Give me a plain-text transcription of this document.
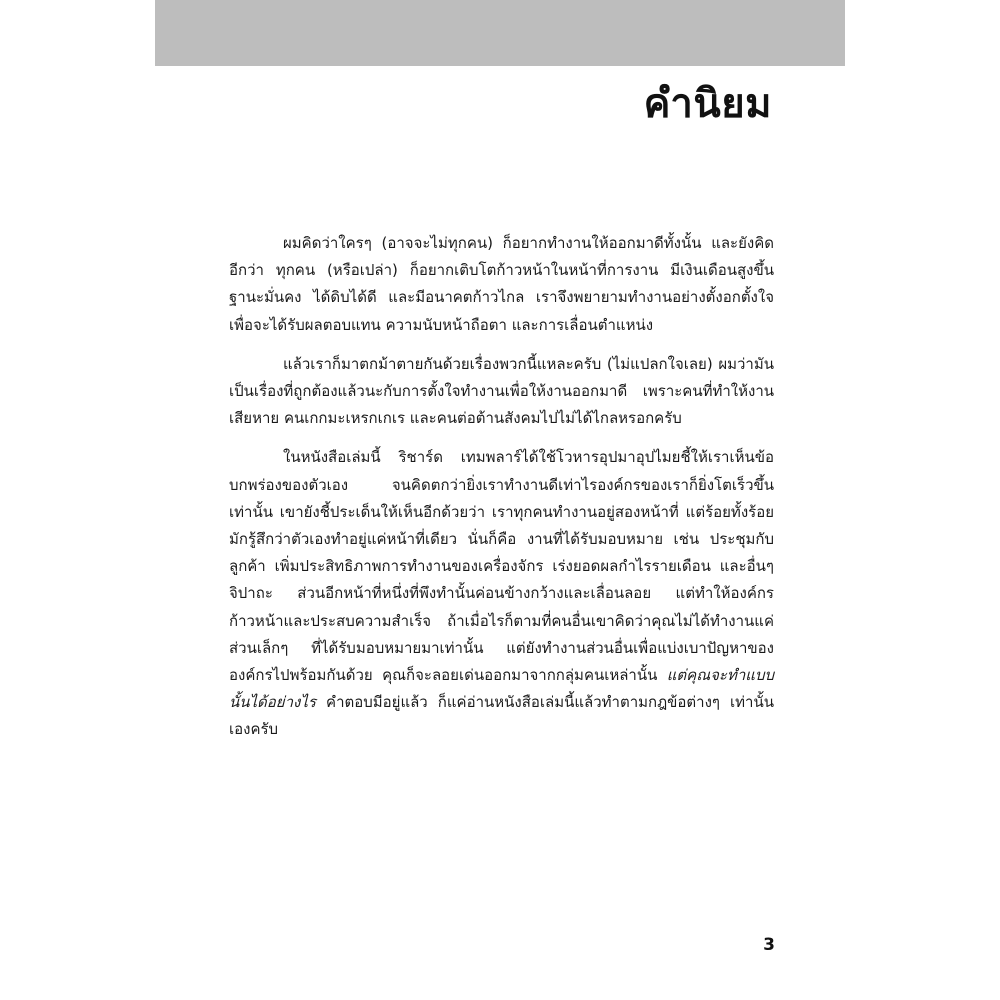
คำนิยม

ผมคิดว่าใครๆ (อาจจะไม่ทุกคน) ก็อยากทำงานให้ออกมาดีทั้งนั้น และยังคิดอีกว่า ทุกคน (หรือเปล่า) ก็อยากเติบโตก้าวหน้าในหน้าที่การงาน มีเงินเดือนสูงขึ้น ฐานะมั่นคง ได้ดิบได้ดี และมีอนาคตก้าวไกล เราจึงพยายามทำงานอย่างตั้งอกตั้งใจเพื่อจะได้รับผลตอบแทน ความนับหน้าถือตา และการเลื่อนตำแหน่ง

แล้วเราก็มาตกม้าตายกันด้วยเรื่องพวกนี้แหละครับ (ไม่แปลกใจเลย) ผมว่ามันเป็นเรื่องที่ถูกต้องแล้วนะกับการตั้งใจทำงานเพื่อให้งานออกมาดี เพราะคนที่ทำให้งานเสียหาย คนเกกมะเหรกเกเร และคนต่อต้านสังคมไปไม่ได้ไกลหรอกครับ

ในหนังสือเล่มนี้ ริชาร์ด เทมพลาร์ได้ใช้โวหารอุปมาอุปไมยชี้ให้เราเห็นข้อบกพร่องของตัวเอง จนคิดตกว่ายิ่งเราทำงานดีเท่าไรองค์กรของเราก็ยิ่งโตเร็วขึ้นเท่านั้น เขายังชี้ประเด็นให้เห็นอีกด้วยว่า เราทุกคนทำงานอยู่สองหน้าที่ แต่ร้อยทั้งร้อยมักรู้สึกว่าตัวเองทำอยู่แค่หน้าที่เดียว นั่นก็คือ งานที่ได้รับมอบหมาย เช่น ประชุมกับลูกค้า เพิ่มประสิทธิภาพการทำงานของเครื่องจักร เร่งยอดผลกำไรรายเดือน และอื่นๆ จิปาถะ ส่วนอีกหน้าที่หนึ่งที่พึงทำนั้นค่อนข้างกว้างและเลื่อนลอย แต่ทำให้องค์กรก้าวหน้าและประสบความสำเร็จ ถ้าเมื่อไรก็ตามที่คนอื่นเขาคิดว่าคุณไม่ได้ทำงานแค่ส่วนเล็กๆ ที่ได้รับมอบหมายมาเท่านั้น แต่ยังทำงานส่วนอื่นเพื่อแบ่งเบาปัญหาขององค์กรไปพร้อมกันด้วย คุณก็จะลอยเด่นออกมาจากกลุ่มคนเหล่านั้น แต่คุณจะทำแบบนั้นได้อย่างไร คำตอบมีอยู่แล้ว ก็แค่อ่านหนังสือเล่มนี้แล้วทำตามกฎข้อต่างๆ เท่านั้นเองครับ

3
